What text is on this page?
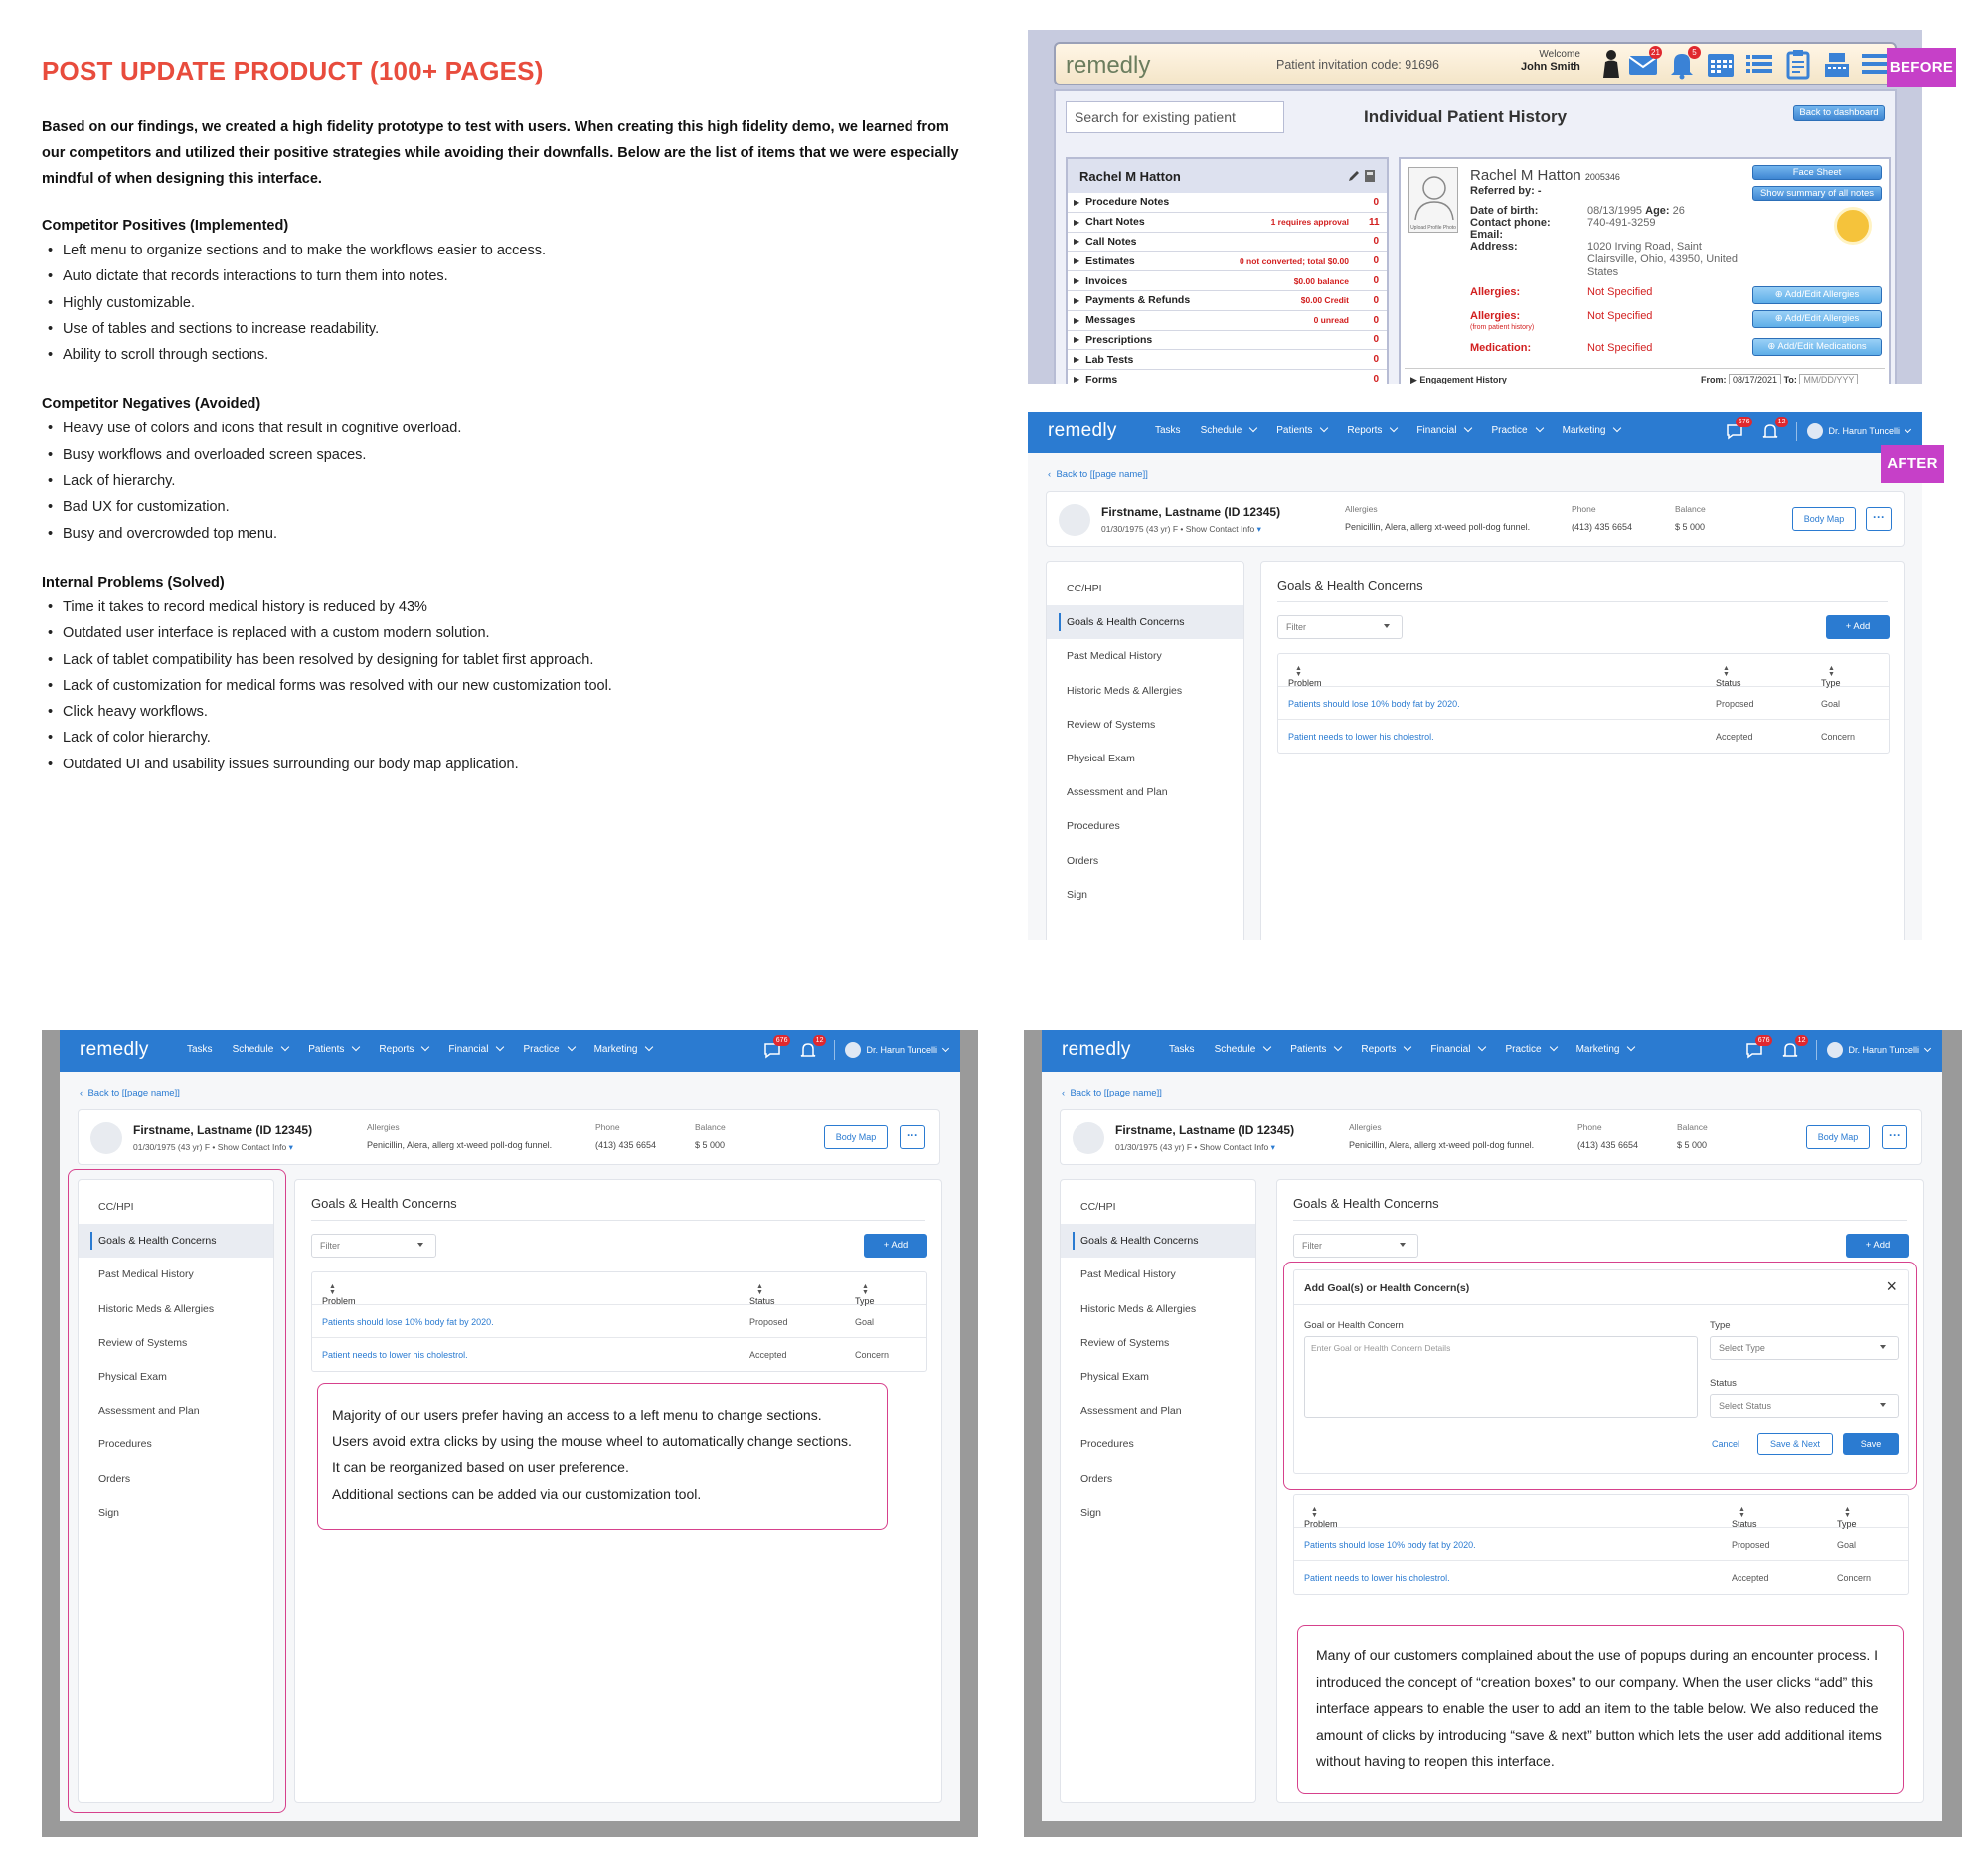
POST UPDATE PRODUCT (100+ PAGES)

Based on our findings, we created a high fidelity prototype to test with users. When creating this high fidelity demo, we learned from our competitors and utilized their positive strategies while avoiding their downfalls. Below are the list of items that we were especially mindful of when designing this interface.

Competitor Positives (Implemented)
• Left menu to organize sections and to make the workflows easier to access.
• Auto dictate that records interactions to turn them into notes.
• Highly customizable.
• Use of tables and sections to increase readability.
• Ability to scroll through sections.
Competitor Negatives (Avoided)
• Heavy use of colors and icons that result in cognitive overload.
• Busy workflows and overloaded screen spaces.
• Lack of hierarchy.
• Bad UX for customization.
• Busy and overcrowded top menu.
Internal Problems (Solved)
• Time it takes to record medical history is reduced by 43%
• Outdated user interface is replaced with a custom modern solution.
• Lack of tablet compatibility has been resolved by designing for tablet first approach.
• Lack of customization for medical forms was resolved with our new customization tool.
• Click heavy workflows.
• Lack of color hierarchy.
• Outdated UI and usability issues surrounding our body map application.
remedly	Patient invitation code: 91696
Welcome
John Smith
21	5
Search for existing patient	Individual Patient History	Back to dashboard
Rachel M Hatton
▶ Procedure Notes	0
▶ Chart Notes	1 requires approval 11
▶ Call Notes	0
▶ Estimates	0 not converted; total $0.00	0
▶ Invoices	$0.00 balance	0
▶ Payments & Refunds	$0.00 Credit	0
▶ Messages	0 unread	0
▶ Prescriptions	0
▶ Lab Tests	0
▶ Forms	0
Upload Profile Photo
Rachel M Hatton 2005346
Referred by: -
Date of birth:	08/13/1995 Age: 26
Contact phone:	740-491-3259
Email:
Address:	1020 Irving Road, Saint Clairsville, Ohio, 43950, United States
Allergies:	Not Specified
Allergies:
(from patient history)
Not Specified
Medication:	Not Specified
Face Sheet
Show summary of all notes
⊕ Add/Edit Allergies
⊕ Add/Edit Allergies
⊕ Add/Edit Medications
▶ Engagement History	From: 08/17/2021 To: MM/DD/YYY
BEFORE
remedly	Tasks Schedule	Patients	Reports	Financial	Practice	Marketing
676	12
Dr. Harun Tuncelli
‹  Back to [[page name]]
Firstname, Lastname (ID 12345)
01/30/1975 (43 yr) F • Show Contact Info ▾
Allergies
Penicillin, Alera, allerg xt-weed poll-dog funnel.
Phone
(413) 435 6654
Balance
$ 5 000
Body Map	···
CC/HPI
Goals & Health Concerns
Past Medical History
Historic Meds & Allergies
Review of Systems
Physical Exam
Assessment and Plan
Procedures
Orders
Sign
Goals & Health Concerns
Filter	+ Add
Problem
▲
▼
Status
▲
▼
Type
▲
▼
Patients should lose 10% body fat by 2020.	Proposed	Goal
Patient needs to lower his cholestrol.	Accepted	Concern
AFTER
remedly	Tasks Schedule	Patients	Reports	Financial	Practice	Marketing
676	12
Dr. Harun Tuncelli
‹  Back to [[page name]]
Firstname, Lastname (ID 12345)
01/30/1975 (43 yr) F • Show Contact Info ▾
Allergies
Penicillin, Alera, allerg xt-weed poll-dog funnel.
Phone
(413) 435 6654
Balance
$ 5 000
Body Map	···
CC/HPI
Goals & Health Concerns
Past Medical History
Historic Meds & Allergies
Review of Systems
Physical Exam
Assessment and Plan
Procedures
Orders
Sign
Goals & Health Concerns
Filter	+ Add
Problem
▲
▼
Status
▲
▼
Type
▲
▼
Patients should lose 10% body fat by 2020.	Proposed	Goal
Patient needs to lower his cholestrol.	Accepted	Concern

Majority of our users prefer having an access to a left menu to change sections.

Users avoid extra clicks by using the mouse wheel to automatically change sections.

It can be reorganized based on user preference.

Additional sections can be added via our customization tool.

remedly	Tasks Schedule	Patients	Reports	Financial	Practice	Marketing
676	12
Dr. Harun Tuncelli
‹  Back to [[page name]]
Firstname, Lastname (ID 12345)
01/30/1975 (43 yr) F • Show Contact Info ▾
Allergies
Penicillin, Alera, allerg xt-weed poll-dog funnel.
Phone
(413) 435 6654
Balance
$ 5 000
Body Map	···
CC/HPI
Goals & Health Concerns
Past Medical History
Historic Meds & Allergies
Review of Systems
Physical Exam
Assessment and Plan
Procedures
Orders
Sign
Goals & Health Concerns
Filter	+ Add
Add Goal(s) or Health Concern(s)	×
Goal or Health Concern
Enter Goal or Health Concern Details
Type
Select Type
Status
Select Status
Cancel	Save & Next	Save
Problem
▲
▼
Status
▲
▼
Type
▲
▼
Patients should lose 10% body fat by 2020.	Proposed	Goal
Patient needs to lower his cholestrol.	Accepted	Concern

Many of our customers complained about the use of popups during an encounter process. I introduced the concept of “creation boxes” to our company. When the user clicks “add” this interface appears to enable the user to add an item to the table below. We also reduced the amount of clicks by introducing “save & next” button which lets the user add additional items without having to reopen this interface.
